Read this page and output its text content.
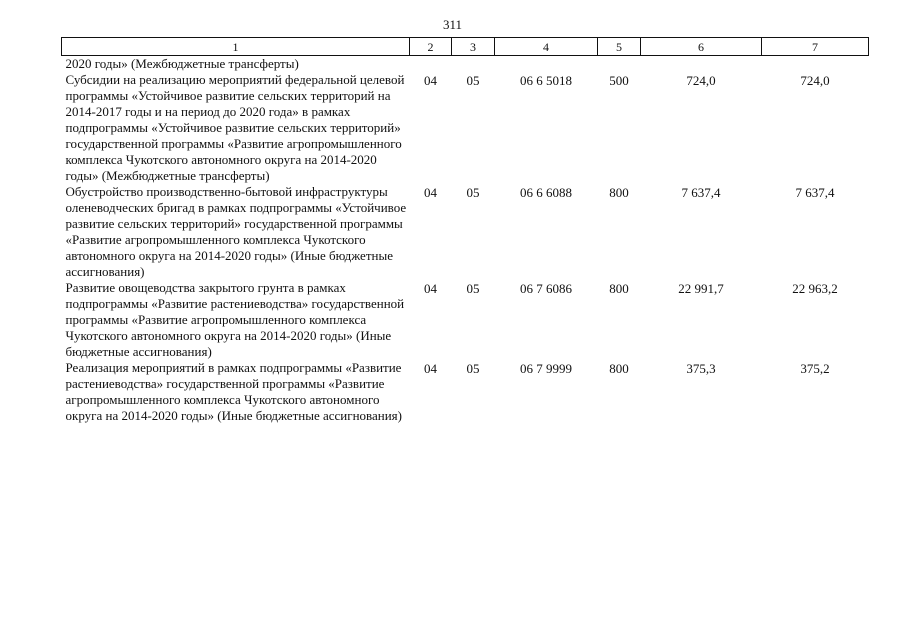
311
1	2	3	4	5	6	7
2020 годы» (Межбюджетные трансферты)						
Субсидии на реализацию мероприятий федеральной целевой программы «Устойчивое развитие сельских территорий на 2014-2017 годы и на период до 2020 года» в рамках подпрограммы «Устойчивое развитие сельских территорий» государственной программы «Развитие агропромышленного комплекса Чукотского автономного округа на 2014-2020 годы» (Межбюджетные трансферты)	04	05	06 6 5018	500	724,0	724,0
Обустройство производственно-бытовой инфраструктуры оленеводческих бригад в рамках подпрограммы «Устойчивое развитие сельских территорий» государственной программы «Развитие агропромышленного комплекса Чукотского автономного округа на 2014-2020 годы» (Иные бюджетные ассигнования)	04	05	06 6 6088	800	7 637,4	7 637,4
Развитие овощеводства закрытого грунта в рамках подпрограммы «Развитие растениеводства» государственной программы «Развитие агропромышленного комплекса Чукотского автономного округа на 2014-2020 годы» (Иные бюджетные ассигнования)	04	05	06 7 6086	800	22 991,7	22 963,2
Реализация мероприятий в рамках подпрограммы «Развитие растениеводства» государственной программы «Развитие агропромышленного комплекса Чукотского автономного округа на 2014-2020 годы» (Иные бюджетные ассигнования)	04	05	06 7 9999	800	375,3	375,2
